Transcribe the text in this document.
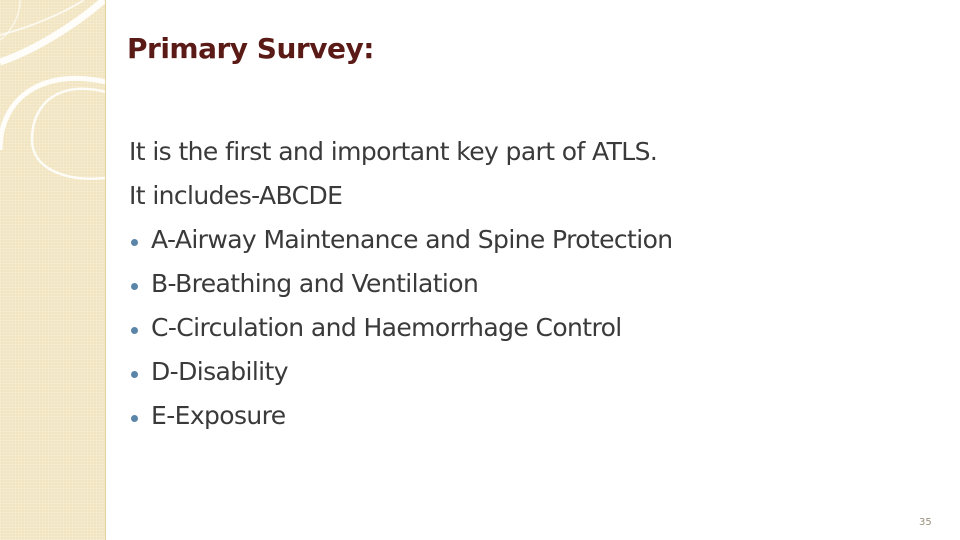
Primary Survey:
It is the first and important key part of ATLS.
It includes-ABCDE
A-Airway Maintenance and Spine Protection
B-Breathing and Ventilation
C-Circulation and Haemorrhage Control
D-Disability
E-Exposure
35
